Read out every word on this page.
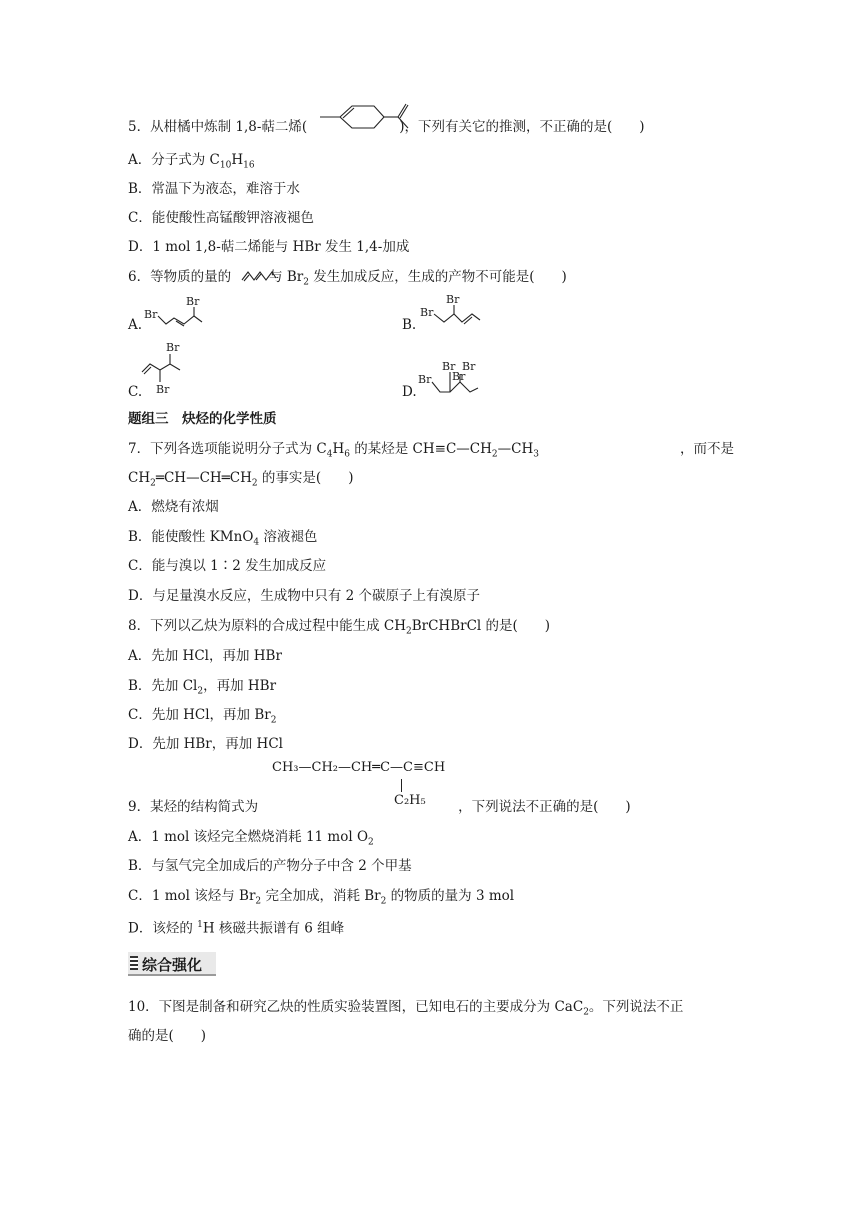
5．从柑橘中炼制 1,8-萜二烯(	)，下列有关它的推测，不正确的是(　　)
A．分子式为 $C_{10}H_{16}$
B．常温下为液态，难溶于水
C．能使酸性高锰酸钾溶液褪色
D．1 mol 1,8-萜二烯能与 HBr 发生 1,4-加成
6．等物质的量的	与 $Br_2$ 发生加成反应，生成的产物不可能是(　　)
A.
Br
Br
B.
Br
Br
C.
Br
Br	D.
Br
Br Br
Br
题组三　炔烃的化学性质
7．下列各选项能说明分子式为 $C_4H_6$ 的某烃是 $CH\equiv C—CH_2—CH_3$	，而不是
$CH_2═CH—CH═CH_2$ 的事实是(　　)
A．燃烧有浓烟
B．能使酸性 KMnO$_4$ 溶液褪色
C．能与溴以 1∶2 发生加成反应
D．与足量溴水反应，生成物中只有 2 个碳原子上有溴原子
8．下列以乙炔为原料的合成过程中能生成 $CH_2BrCHBrCl$ 的是(　　)
A．先加 HCl，再加 HBr
B．先加 $Cl_2$，再加 HBr
C．先加 HCl，再加 $Br_2$
D．先加 HBr，再加 HCl
CH₃—CH₂—CH═C—C≡CH
C₂H₅
9．某烃的结构简式为	，下列说法不正确的是(　　)
A．1 mol 该烃完全燃烧消耗 11 mol $O_2$
B．与氢气完全加成后的产物分子中含 2 个甲基
C．1 mol 该烃与 $Br_2$ 完全加成，消耗 $Br_2$ 的物质的量为 3 mol
D．该烃的 $^1$H 核磁共振谱有 6 组峰
综合强化
10．下图是制备和研究乙炔的性质实验装置图，已知电石的主要成分为 CaC$_2$。下列说法不正
确的是(　　)
